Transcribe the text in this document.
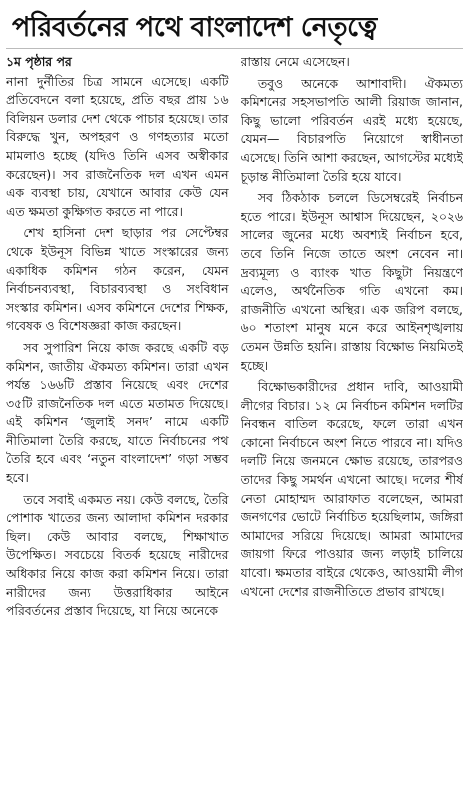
পরিবর্তনের পথে বাংলাদেশ নেতৃত্বে
১ম পৃষ্ঠার পর

নানা দুর্নীতির চিত্র সামনে এসেছে। একটি প্রতিবেদনে বলা হয়েছে, প্রতি বছর প্রায় ১৬ বিলিয়ন ডলার দেশ থেকে পাচার হয়েছে। তার বিরুদ্ধে খুন, অপহরণ ও গণহত্যার মতো মামলাও হচ্ছে (যদিও তিনি এসব অস্বীকার করেছেন)। সব রাজনৈতিক দল এখন এমন এক ব্যবস্থা চায়, যেখানে আবার কেউ যেন এত ক্ষমতা কুক্ষিগত করতে না পারে।

শেখ হাসিনা দেশ ছাড়ার পর সেপ্টেম্বর থেকে ইউনূস বিভিন্ন খাতে সংস্কারের জন্য একাধিক কমিশন গঠন করেন, যেমন নির্বাচনব্যবস্থা, বিচারব্যবস্থা ও সংবিধান সংস্কার কমিশন। এসব কমিশনে দেশের শিক্ষক, গবেষক ও বিশেষজ্ঞরা কাজ করছেন।

সব সুপারিশ নিয়ে কাজ করছে একটি বড় কমিশন, জাতীয় ঐকমত্য কমিশন। তারা এখন পর্যন্ত ১৬৬টি প্রস্তাব নিয়েছে এবং দেশের ৩৫টি রাজনৈতিক দল এতে মতামত দিয়েছে। এই কমিশন ‘জুলাই সনদ’ নামে একটি নীতিমালা তৈরি করছে, যাতে নির্বাচনের পথ তৈরি হবে এবং ‘নতুন বাংলাদেশ’ গড়া সম্ভব হবে।

তবে সবাই একমত নয়। কেউ বলছে, তৈরি পোশাক খাতের জন্য আলাদা কমিশন দরকার ছিল। কেউ আবার বলছে, শিক্ষাখাত উপেক্ষিত। সবচেয়ে বিতর্ক হয়েছে নারীদের অধিকার নিয়ে কাজ করা কমিশন নিয়ে। তারা নারীদের জন্য উত্তরাধিকার আইনে পরিবর্তনের প্রস্তাব দিয়েছে, যা নিয়ে অনেকে

রাস্তায় নেমে এসেছেন।

তবুও অনেকে আশাবাদী। ঐকমত্য কমিশনের সহসভাপতি আলী রিয়াজ জানান, কিছু ভালো পরিবর্তন এরই মধ্যে হয়েছে, যেমন— বিচারপতি নিয়োগে স্বাধীনতা এসেছে। তিনি আশা করছেন, আগস্টের মধ্যেই চূড়ান্ত নীতিমালা তৈরি হয়ে যাবে।

সব ঠিকঠাক চললে ডিসেম্বরেই নির্বাচন হতে পারে। ইউনূস আশ্বাস দিয়েছেন, ২০২৬ সালের জুনের মধ্যে অবশ্যই নির্বাচন হবে, তবে তিনি নিজে তাতে অংশ নেবেন না। দ্রব্যমূল্য ও ব্যাংক খাত কিছুটা নিয়ন্ত্রণে এলেও, অর্থনৈতিক গতি এখনো কম। রাজনীতি এখনো অস্থির। এক জরিপ বলছে, ৬০ শতাংশ মানুষ মনে করে আইনশৃঙ্খলায় তেমন উন্নতি হয়নি। রাস্তায় বিক্ষোভ নিয়মিতই হচ্ছে।

বিক্ষোভকারীদের প্রধান দাবি, আওয়ামী লীগের বিচার। ১২ মে নির্বাচন কমিশন দলটির নিবন্ধন বাতিল করেছে, ফলে তারা এখন কোনো নির্বাচনে অংশ নিতে পারবে না। যদিও দলটি নিয়ে জনমনে ক্ষোভ রয়েছে, তারপরও তাদের কিছু সমর্থন এখনো আছে। দলের শীর্ষ নেতা মোহাম্মদ আরাফাত বলেছেন, আমরা জনগণের ভোটে নির্বাচিত হয়েছিলাম, জঙ্গিরা আমাদের সরিয়ে দিয়েছে। আমরা আমাদের জায়গা ফিরে পাওয়ার জন্য লড়াই চালিয়ে যাবো। ক্ষমতার বাইরে থেকেও, আওয়ামী লীগ এখনো দেশের রাজনীতিতে প্রভাব রাখছে।
